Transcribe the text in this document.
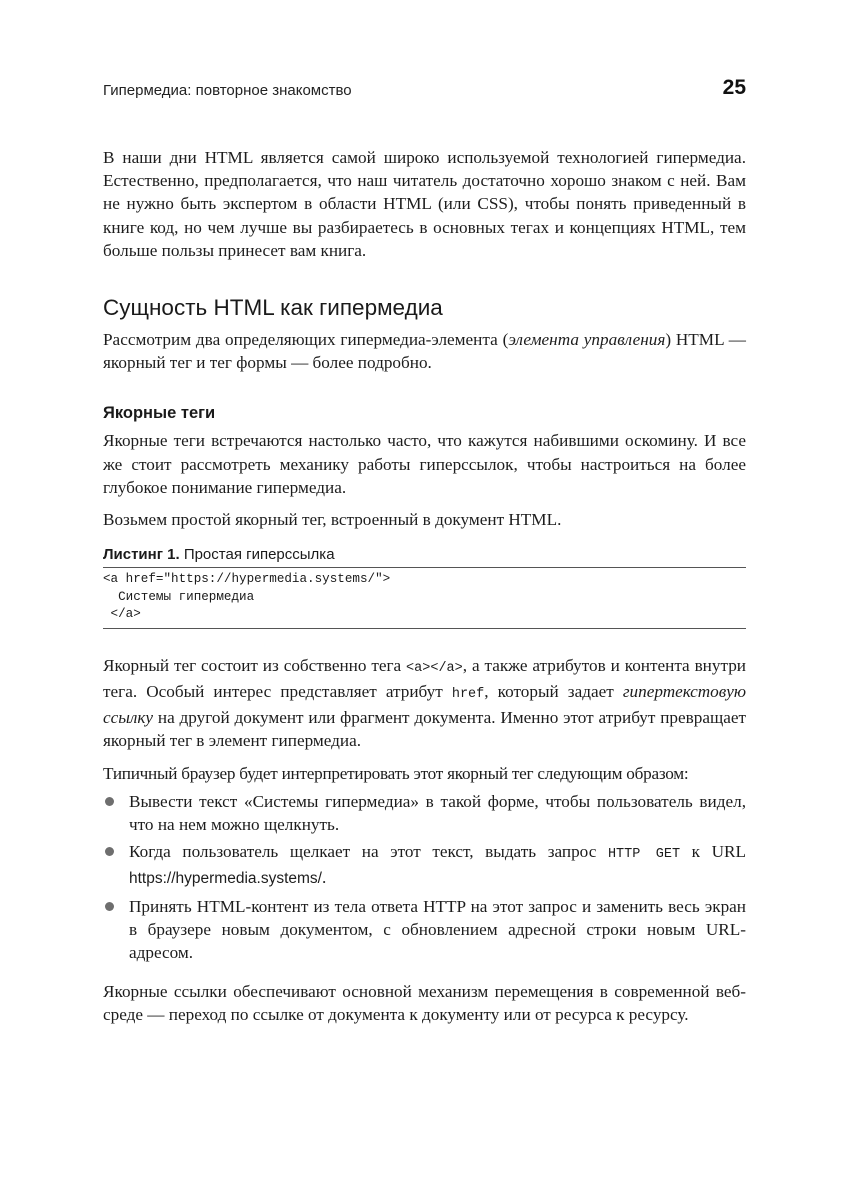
Гипермедиа: повторное знакомство	25

В наши дни HTML является самой широко используемой технологией гипермедиа. Естественно, предполагается, что наш читатель достаточно хорошо знаком с ней. Вам не нужно быть экспертом в области HTML (или CSS), чтобы понять приведенный в книге код, но чем лучше вы разбираетесь в основных тегах и концепциях HTML, тем больше пользы принесет вам книга.

Сущность HTML как гипермедиа

Рассмотрим два определяющих гипермедиа-элемента (элемента управления) HTML — якорный тег и тег формы — более подробно.

Якорные теги

Якорные теги встречаются настолько часто, что кажутся набившими оскомину. И все же стоит рассмотреть механику работы гиперссылок, чтобы настроиться на более глубокое понимание гипермедиа.

Возьмем простой якорный тег, встроенный в документ HTML.

Листинг 1. Простая гиперссылка
<a href="https://hypermedia.systems/">
Системы гипермедиа
</a>

Якорный тег состоит из собственно тега <a></a>, а также атрибутов и контента внутри тега. Особый интерес представляет атрибут href, который задает гипертекстовую ссылку на другой документ или фрагмент документа. Именно этот атрибут превращает якорный тег в элемент гипермедиа.

Типичный браузер будет интерпретировать этот якорный тег следующим образом:

Вывести текст «Системы гипермедиа» в такой форме, чтобы пользователь видел, что на нем можно щелкнуть.
Когда пользователь щелкает на этот текст, выдать запрос HTTP GET к URL https://hypermedia.systems/.
Принять HTML-контент из тела ответа HTTP на этот запрос и заменить весь экран в браузере новым документом, с обновлением адресной строки новым URL-адресом.

Якорные ссылки обеспечивают основной механизм перемещения в современной веб-среде — переход по ссылке от документа к документу или от ресурса к ресурсу.
